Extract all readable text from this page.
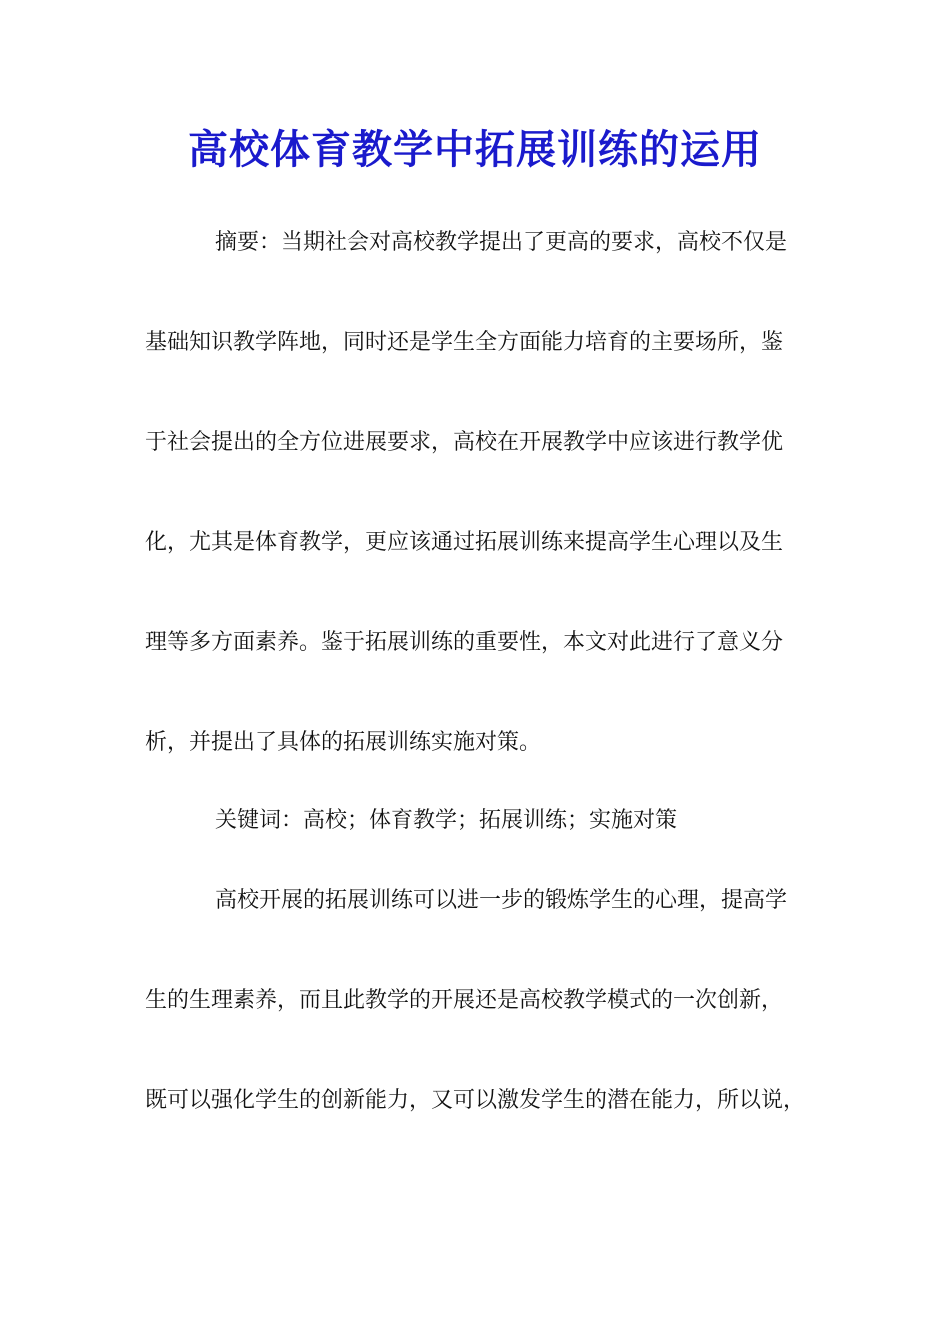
高校体育教学中拓展训练的运用
摘要：当期社会对高校教学提出了更高的要求，高校不仅是
基础知识教学阵地，同时还是学生全方面能力培育的主要场所，鉴
于社会提出的全方位进展要求，高校在开展教学中应该进行教学优
化，尤其是体育教学，更应该通过拓展训练来提高学生心理以及生
理等多方面素养。鉴于拓展训练的重要性，本文对此进行了意义分
析，并提出了具体的拓展训练实施对策。
关键词：高校；体育教学；拓展训练；实施对策
高校开展的拓展训练可以进一步的锻炼学生的心理，提高学
生的生理素养，而且此教学的开展还是高校教学模式的一次创新，
既可以强化学生的创新能力，又可以激发学生的潜在能力，所以说，
